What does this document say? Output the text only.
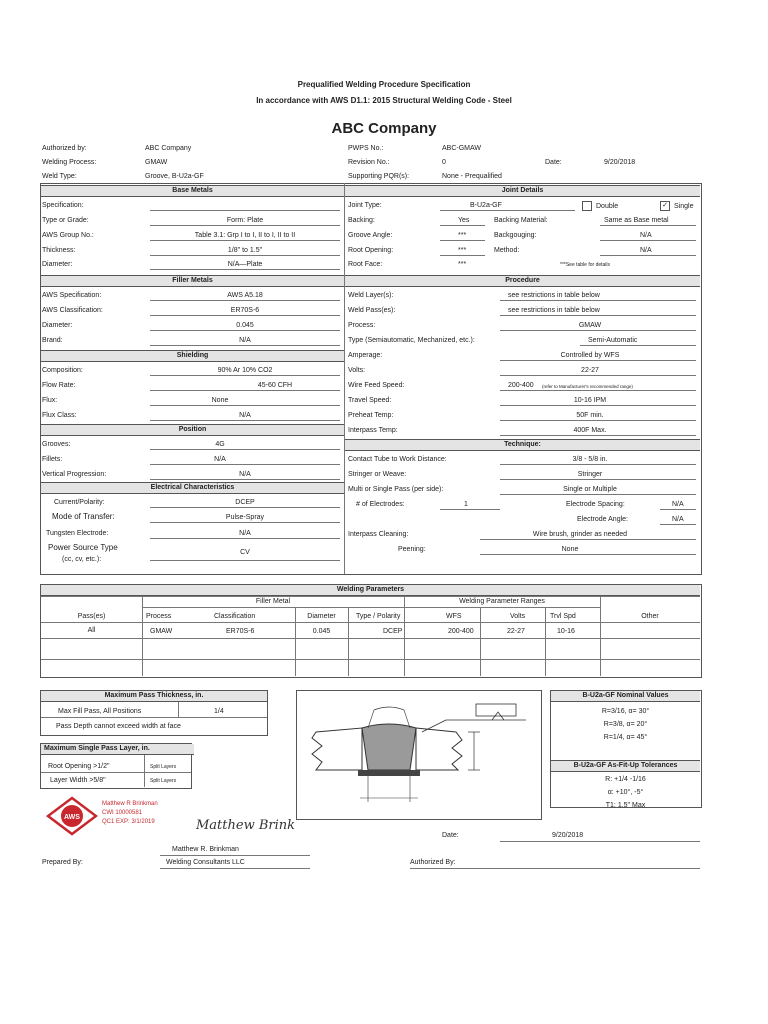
Prequalified Welding Procedure Specification
In accordance with AWS D1.1: 2015 Structural Welding Code - Steel
ABC Company
Authorized by:	ABC Company
Welding Process:	GMAW
Weld Type:	Groove, B-U2a-GF
PWPS No.:	ABC-GMAW
Revision No.:	0	Date:	9/20/2018
Supporting PQR(s):	None - Prequalified
Base Metals
Specification:
Type or Grade:	Form: Plate
AWS Group No.:	Table 3.1: Grp I to I, II to I, II to II
Thickness:	1/8" to 1.5"
Diameter:	N/A—Plate
Joint Details
Joint Type:	B-U2a-GF	Double	✓ Single
Backing:	Yes	Backing Material:	Same as Base metal
Groove Angle:	***	Backgouging:	N/A
Root Opening:	***	Method:	N/A
Root Face:	***	***See table for details
Filler Metals
AWS Specification:	AWS A5.18
AWS Classification:	ER70S-6
Diameter:	0.045
Brand:	N/A
Procedure
Weld Layer(s):	see restrictions in table below
Weld Pass(es):	see restrictions in table below
Process:	GMAW
Type (Semiautomatic, Mechanized, etc.):	Semi-Automatic
Amperage:	Controlled by WFS
Volts:	22-27
Wire Feed Speed:	200-400 (refer to Manufacturer's recommended range)
Travel Speed:	10-16 IPM
Preheat Temp:	50F min.
Interpass Temp:	400F Max.
Shielding
Composition:	90% Ar 10% CO2
Flow Rate:	45-60 CFH
Flux:	None
Flux Class:	N/A
Position
Grooves:	4G
Fillets:	N/A
Vertical Progression:	N/A
Technique:
Contact Tube to Work Distance:	3/8 - 5/8 in.
Stringer or Weave:	Stringer
Multi or Single Pass (per side):	Single or Multiple
# of Electrodes:	1	Electrode Spacing:	N/A
Electrode Angle:	N/A
Interpass Cleaning:	Wire brush, grinder as needed
Peening:	None
Electrical Characteristics
Current/Polarity:	DCEP
Mode of Transfer:	Pulse-Spray
Tungsten Electrode:	N/A
Power Source Type
(cc, cv, etc.):
CV
Welding Parameters
Filler Metal	Welding Parameter Ranges
Pass(es)	Process	Classification	Diameter	Type / Polarity	WFS	Volts	Trvl Spd	Other
All	GMAW	ER70S-6	0.045	DCEP	200-400	22-27	10-16
Maximum Pass Thickness, in.
Max Fill Pass, All Positions	1/4
Pass Depth cannot exceed width at face
Maximum Single Pass Layer, in.
Root Opening >1/2"	Split Layers
Layer Width >5/8"	Split Layers
B-U2a-GF Nominal Values
R=3/16, α= 30°
R=3/8, α= 20°
R=1/4, α= 45°
B-U2a-GF As-Fit-Up Tolerances
R: +1/4 -1/16
α: +10°, -5°
T1: 1.5" Max
AWS
Matthew R Brinkman
CWI 10000581
QC1 EXP: 3/1/2019	Matthew Brink
Matthew R. Brinkman
Prepared By:	Welding Consultants LLC
Date:	9/20/2018
Authorized By:
